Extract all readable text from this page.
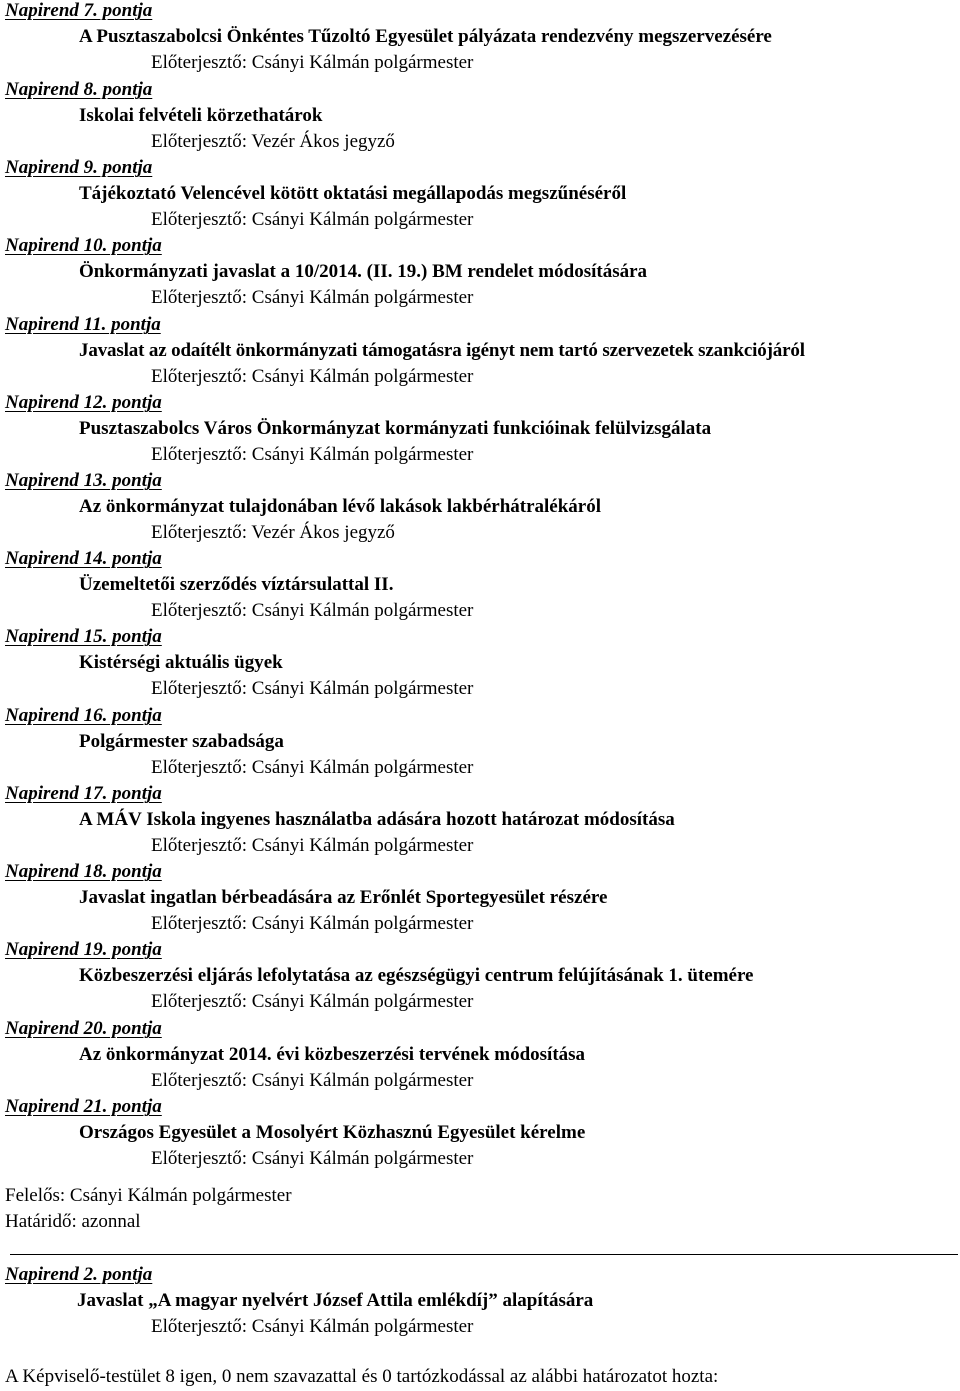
Napirend 7. pontja
A Pusztaszabolcsi Önkéntes Tűzoltó Egyesület pályázata rendezvény megszervezésére
Előterjesztő: Csányi Kálmán polgármester
Napirend 8. pontja
Iskolai felvételi körzethatárok
Előterjesztő: Vezér Ákos jegyző
Napirend 9. pontja
Tájékoztató Velencével kötött oktatási megállapodás megszűnéséről
Előterjesztő: Csányi Kálmán polgármester
Napirend 10. pontja
Önkormányzati javaslat a 10/2014. (II. 19.) BM rendelet módosítására
Előterjesztő: Csányi Kálmán polgármester
Napirend 11. pontja
Javaslat az odaítélt önkormányzati támogatásra igényt nem tartó szervezetek szankciójáról
Előterjesztő: Csányi Kálmán polgármester
Napirend 12. pontja
Pusztaszabolcs Város Önkormányzat kormányzati funkcióinak felülvizsgálata
Előterjesztő: Csányi Kálmán polgármester
Napirend 13. pontja
Az önkormányzat tulajdonában lévő lakások lakbérhátralékáról
Előterjesztő: Vezér Ákos jegyző
Napirend 14. pontja
Üzemeltetői szerződés víztársulattal II.
Előterjesztő: Csányi Kálmán polgármester
Napirend 15. pontja
Kistérségi aktuális ügyek
Előterjesztő: Csányi Kálmán polgármester
Napirend 16. pontja
Polgármester szabadsága
Előterjesztő: Csányi Kálmán polgármester
Napirend 17. pontja
A MÁV Iskola ingyenes használatba adására hozott határozat módosítása
Előterjesztő: Csányi Kálmán polgármester
Napirend 18. pontja
Javaslat ingatlan bérbeadására az Erőnlét Sportegyesület részére
Előterjesztő: Csányi Kálmán polgármester
Napirend 19. pontja
Közbeszerzési eljárás lefolytatása az egészségügyi centrum felújításának 1. ütemére
Előterjesztő: Csányi Kálmán polgármester
Napirend 20. pontja
Az önkormányzat 2014. évi közbeszerzési tervének módosítása
Előterjesztő: Csányi Kálmán polgármester
Napirend 21. pontja
Országos Egyesület a Mosolyért Közhasznú Egyesület kérelme
Előterjesztő: Csányi Kálmán polgármester
Felelős: Csányi Kálmán polgármester
Határidő: azonnal
Napirend 2. pontja
Javaslat „A magyar nyelvért József Attila emlékdíj” alapítására
Előterjesztő: Csányi Kálmán polgármester
A Képviselő-testület 8 igen, 0 nem szavazattal és 0 tartózkodással az alábbi határozatot hozta:
